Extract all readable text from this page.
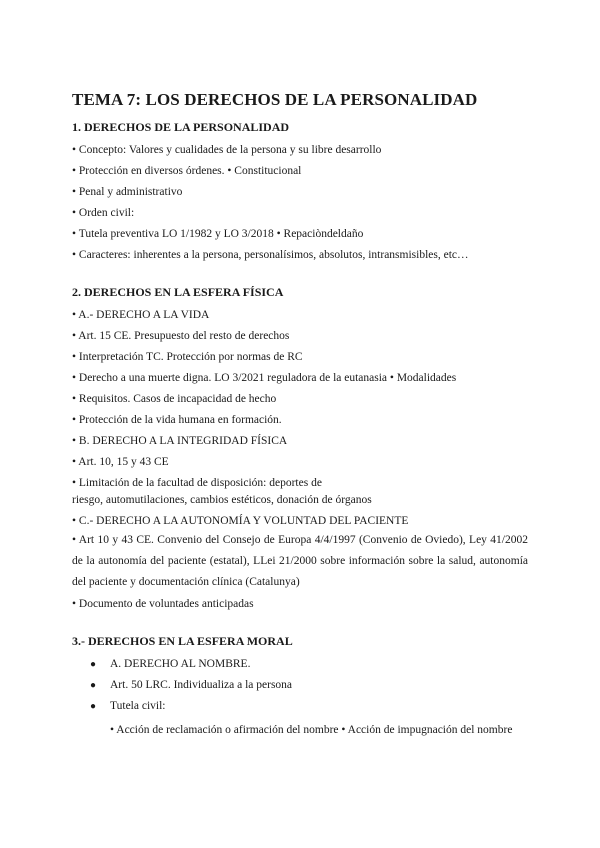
TEMA 7: LOS DERECHOS DE LA PERSONALIDAD
1. DERECHOS DE LA PERSONALIDAD
• Concepto: Valores y cualidades de la persona y su libre desarrollo
• Protección en diversos órdenes. • Constitucional
• Penal y administrativo
• Orden civil:
• Tutela preventiva LO 1/1982 y LO 3/2018 • Repaciòndeldaño
• Caracteres: inherentes a la persona, personalísimos, absolutos, intransmisibles, etc…
2. DERECHOS EN LA ESFERA FÍSICA
• A.- DERECHO A LA VIDA
• Art. 15 CE. Presupuesto del resto de derechos
• Interpretación TC. Protección por normas de RC
• Derecho a una muerte digna. LO 3/2021 reguladora de la eutanasia • Modalidades
• Requisitos. Casos de incapacidad de hecho
• Protección de la vida humana en formación.
• B. DERECHO A LA INTEGRIDAD FÍSICA
• Art. 10, 15 y 43 CE
• Limitación de la facultad de disposición: deportes de
riesgo, automutilaciones, cambios estéticos, donación de órganos
• C.- DERECHO A LA AUTONOMÍA Y VOLUNTAD DEL PACIENTE
• Art 10 y 43 CE. Convenio del Consejo de Europa 4/4/1997 (Convenio de Oviedo), Ley 41/2002 de la autonomía del paciente (estatal), LLei 21/2000 sobre información sobre la salud, autonomía del paciente y documentación clínica (Catalunya)
• Documento de voluntades anticipadas
3.- DERECHOS EN LA ESFERA MORAL
● A. DERECHO AL NOMBRE.
● Art. 50 LRC. Individualiza a la persona
● Tutela civil:
• Acción de reclamación o afirmación del nombre • Acción de impugnación del nombre
